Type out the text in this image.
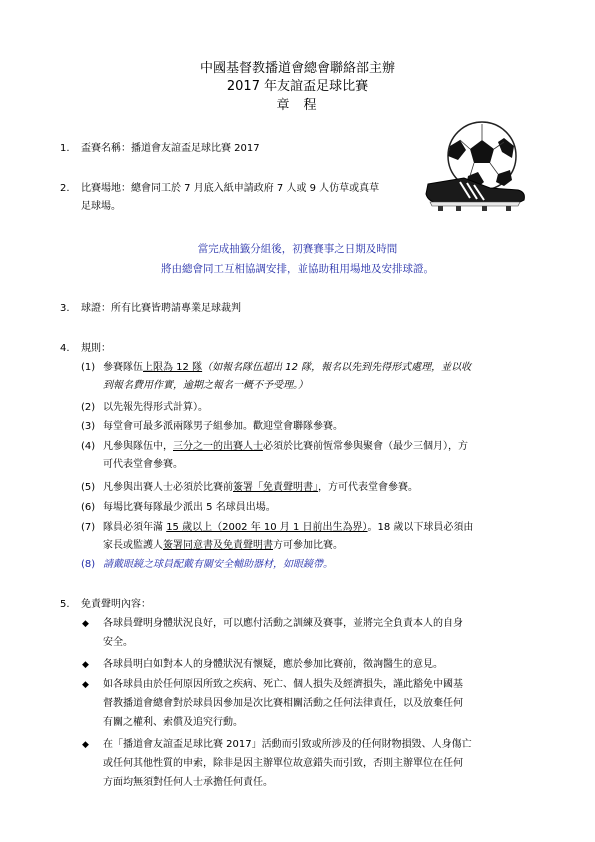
中國基督教播道會總會聯絡部主辦
2017 年友誼盃足球比賽
章程
1. 盃賽名稱：播道會友誼盃足球比賽 2017
2. 比賽場地：總會同工於 7 月底入紙申請政府 7 人或 9 人仿草或真草
足球場。
當完成抽籤分組後，初賽賽事之日期及時間
將由總會同工互相協調安排，並協助租用場地及安排球證。
3. 球證：所有比賽皆聘請專業足球裁判
4. 規則：
(1) 參賽隊伍上限為 12 隊（如報名隊伍超出 12 隊，報名以先到先得形式處理，並以收
到報名費用作實，逾期之報名一概不予受理。）
(2) 以先報先得形式計算）。
(3) 每堂會可最多派兩隊男子組參加。歡迎堂會聯隊參賽。
(4) 凡參與隊伍中，三分之一的出賽人士必須於比賽前恆常參與聚會（最少三個月），方
可代表堂會參賽。
(5) 凡參與出賽人士必須於比賽前簽署「免責聲明書」，方可代表堂會參賽。
(6) 每場比賽每隊最少派出 5 名球員出場。
(7) 隊員必須年滿 15 歲以上（2002 年 10 月 1 日前出生為界）。18 歲以下球員必須由
家長或監護人簽署同意書及免責聲明書方可參加比賽。
(8) 請戴眼鏡之球員配戴有關安全輔助器材，如眼鏡帶。
5. 免責聲明內容：
◆ 各球員聲明身體狀況良好，可以應付活動之訓練及賽事，並將完全負責本人的自身
安全。
◆ 各球員明白如對本人的身體狀況有懷疑，應於參加比賽前，徵詢醫生的意見。
◆ 如各球員由於任何原因所致之疾病、死亡、個人損失及經濟損失，謹此豁免中國基
督教播道會總會對於球員因參加是次比賽相關活動之任何法律責任，以及放棄任何
有關之權利、索償及追究行動。
◆ 在「播道會友誼盃足球比賽 2017」活動而引致或所涉及的任何財物損毀、人身傷亡
或任何其他性質的申索，除非是因主辦單位故意錯失而引致，否則主辦單位在任何
方面均無須對任何人士承擔任何責任。
